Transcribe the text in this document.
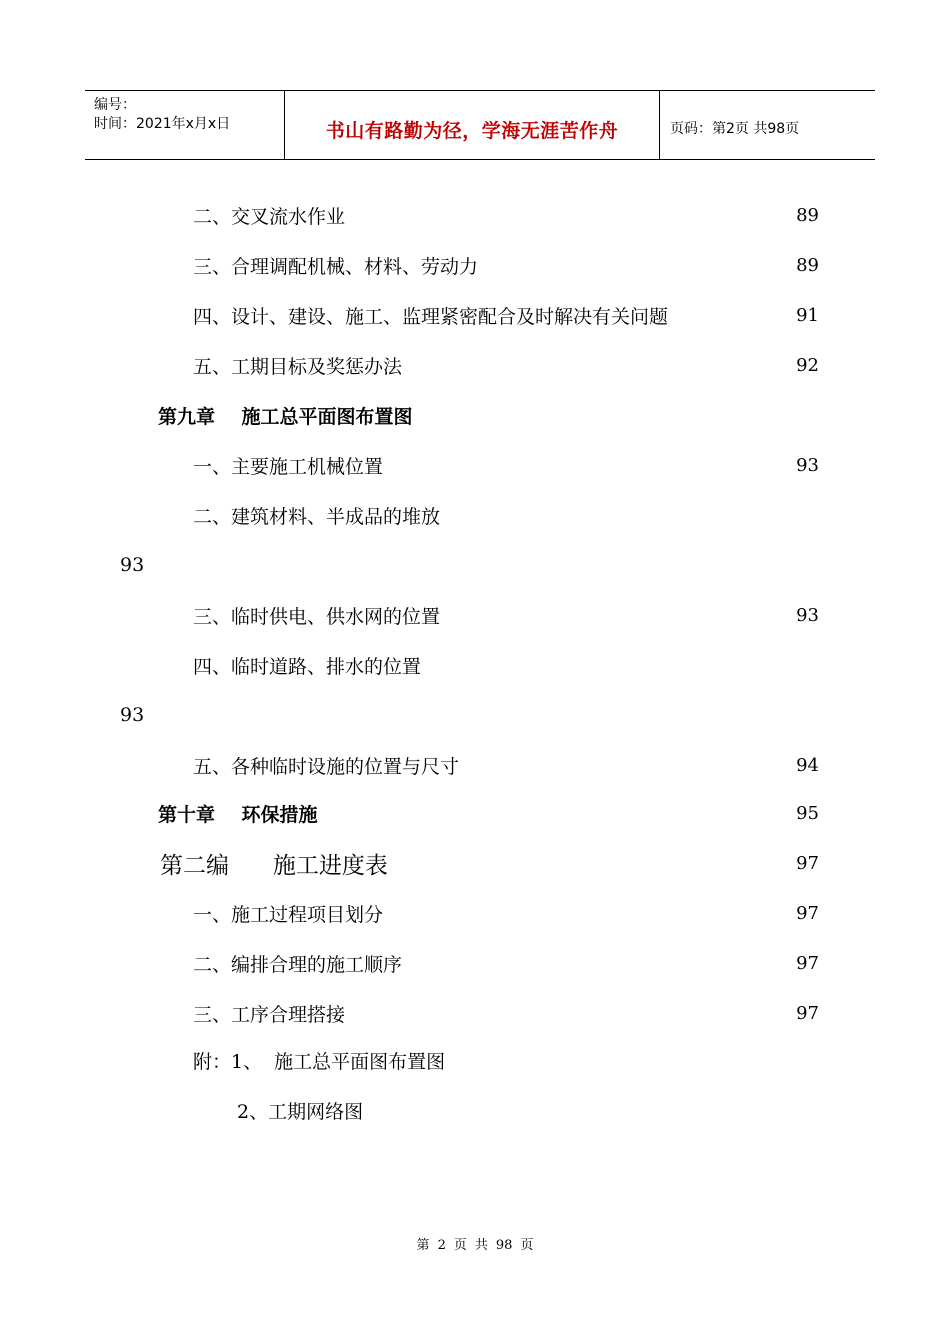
编号：
时间：2021年x月x日	书山有路勤为径，学海无涯苦作舟	页码：第2页 共98页
二、交叉流水作业	89
三、合理调配机械、材料、劳动力	89
四、设计、建设、施工、监理紧密配合及时解决有关问题	91
五、工期目标及奖惩办法	92
第九章    施工总平面图布置图
一、主要施工机械位置	93
二、建筑材料、半成品的堆放
93
三、临时供电、供水网的位置	93
四、临时道路、排水的位置
93
五、各种临时设施的位置与尺寸	94
第十章    环保措施	95
第二编      施工进度表	97
一、施工过程项目划分	97
二、编排合理的施工顺序	97
三、工序合理搭接	97
附：1、  施工总平面图布置图
2、工期网络图
第 2 页 共 98 页
